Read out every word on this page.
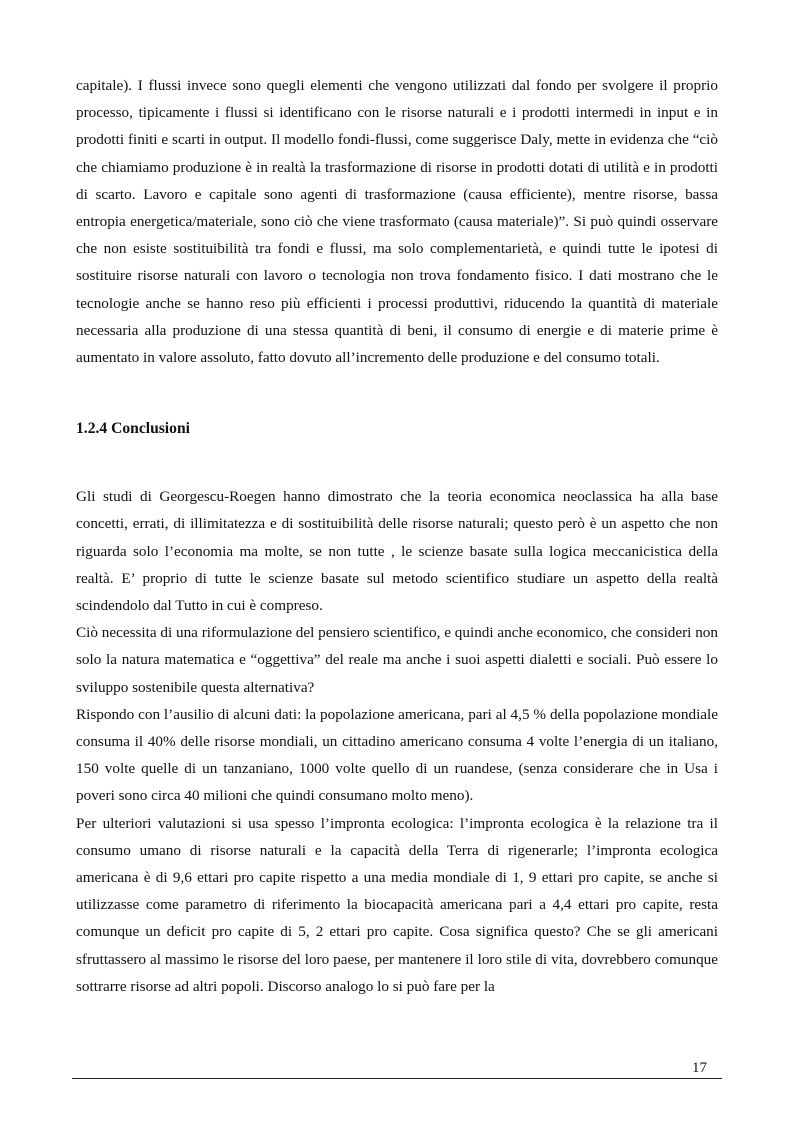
capitale). I flussi invece sono quegli elementi che vengono utilizzati dal fondo per svolgere il proprio processo, tipicamente i flussi si identificano con le risorse naturali e i prodotti intermedi in input e in prodotti finiti e scarti in output. Il modello fondi-flussi, come suggerisce Daly, mette in evidenza che “ciò che chiamiamo produzione è in realtà la trasformazione di risorse in prodotti dotati di utilità e in prodotti di scarto. Lavoro e capitale sono agenti di trasformazione (causa efficiente), mentre risorse, bassa entropia energetica/materiale, sono ciò che viene trasformato (causa materiale)”. Si può quindi osservare che non esiste sostituibilità tra fondi e flussi, ma solo complementarietà, e quindi tutte le ipotesi di sostituire risorse naturali con lavoro o tecnologia non trova fondamento fisico. I dati mostrano che le tecnologie anche se hanno reso più efficienti i processi produttivi, riducendo la quantità di materiale necessaria alla produzione di una stessa quantità di beni, il consumo di energie e di materie prime è aumentato in valore assoluto, fatto dovuto all’incremento delle produzione e del consumo totali.

1.2.4 Conclusioni

Gli studi di Georgescu-Roegen hanno dimostrato che la teoria economica neoclassica ha alla base concetti, errati, di illimitatezza e di sostituibilità delle risorse naturali; questo però è un aspetto che non riguarda solo l’economia ma molte, se non tutte , le scienze basate sulla logica meccanicistica della realtà. E’ proprio di tutte le scienze basate sul metodo scientifico studiare un aspetto della realtà scindendolo dal Tutto in cui è compreso.

Ciò necessita di una riformulazione del pensiero scientifico, e quindi anche economico, che consideri non solo la natura matematica e “oggettiva” del reale ma anche i suoi aspetti dialetti e sociali. Può essere lo sviluppo sostenibile questa alternativa?

Rispondo con l’ausilio di alcuni dati: la popolazione americana, pari al 4,5 % della popolazione mondiale consuma il 40% delle risorse mondiali, un cittadino americano consuma 4 volte l’energia di un italiano, 150 volte quelle di un tanzaniano, 1000 volte quello di un ruandese, (senza considerare che in Usa i poveri sono circa 40 milioni che quindi consumano molto meno).

Per ulteriori valutazioni si usa spesso l’impronta ecologica: l’impronta ecologica è la relazione tra il consumo umano di risorse naturali e la capacità della Terra di rigenerarle; l’impronta ecologica americana è di 9,6 ettari pro capite rispetto a una media mondiale di 1, 9 ettari pro capite, se anche si utilizzasse come parametro di riferimento la biocapacità americana pari a 4,4 ettari pro capite, resta comunque un deficit pro capite di 5, 2 ettari pro capite. Cosa significa questo? Che se gli americani sfruttassero al massimo le risorse del loro paese, per mantenere il loro stile di vita, dovrebbero comunque sottrarre risorse ad altri popoli. Discorso analogo lo si può fare per la

17
